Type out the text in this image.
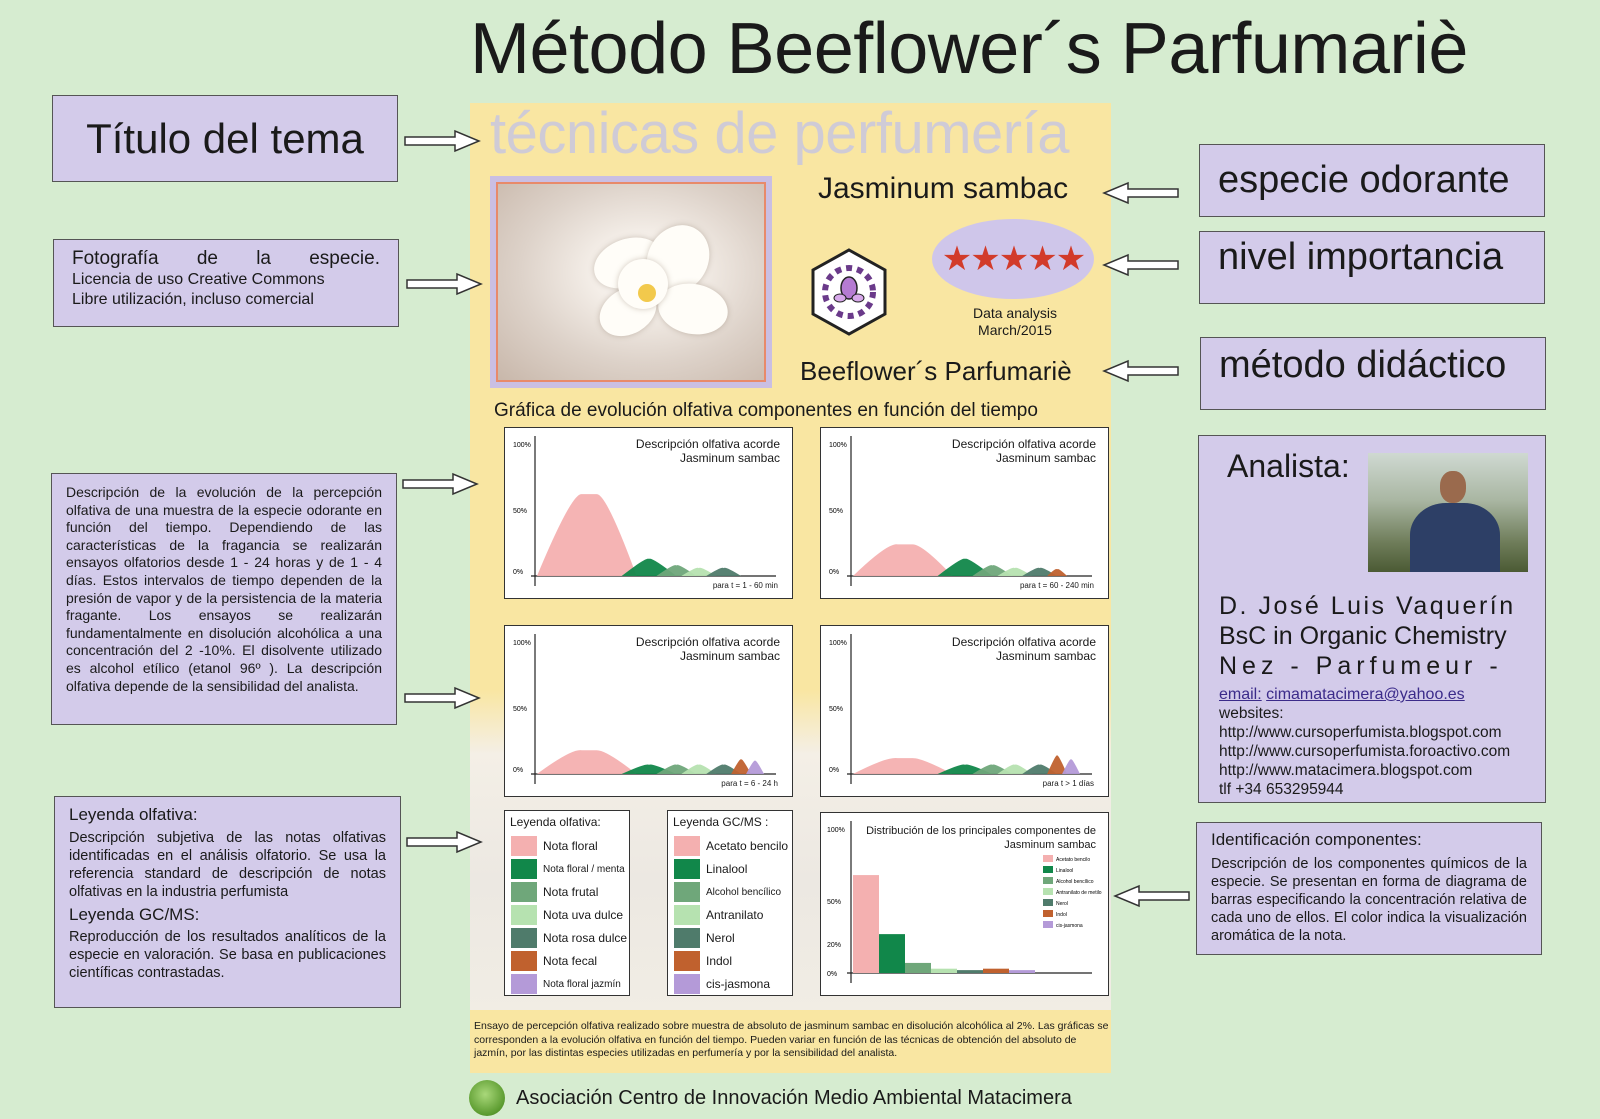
Método Beeflower´s Parfumariè
técnicas de perfumería
Jasminum sambac
★★★★★
Data analysis
March/2015
Beeflower´s Parfumariè
Gráfica de evolución olfativa componentes en función del tiempo
100%
50%
0%
Descripción olfativa acorde
Jasminum sambac
para t = 1 - 60 min
100%
50%
0%
Descripción olfativa acorde
Jasminum sambac
para t = 60 - 240 min
100%
50%
0%
Descripción olfativa acorde
Jasminum sambac
para t = 6 - 24 h
100%
50%
0%
Descripción olfativa acorde
Jasminum sambac
para t > 1 días
Leyenda olfativa:
Nota floral
Nota floral / menta
Nota frutal
Nota uva dulce
Nota rosa dulce
Nota fecal
Nota floral jazmín
Leyenda GC/MS :
Acetato bencilo
Linalool
Alcohol bencílico
Antranilato
Nerol
Indol
cis-jasmona
100%
50%
20%
0%
Acetato bencilo
Linalool
Alcohol bencílico
Antranilato de metilo
Nerol
Indol
cis-jasmona
Distribución de los principales componentes de
Jasminum sambac
Ensayo de percepción olfativa realizado sobre muestra de absoluto de jasminum sambac en disolución alcohólica al 2%. Las gráficas se corresponden a la evolución olfativa en función del tiempo. Pueden variar en función de las técnicas de obtención del absoluto de jazmín, por las distintas especies utilizadas en perfumería y por la sensibilidad del analista.
Asociación Centro de Innovación Medio Ambiental Matacimera
Título del tema
Fotografía de la especie.
Licencia de uso Creative Commons
Libre utilización, incluso comercial
Descripción de la evolución de la percepción olfativa de una muestra de la especie odorante en función del tiempo. Dependiendo de las características de la fragancia se realizarán ensayos olfatorios desde 1 - 24 horas y de 1 - 4 días. Estos intervalos de tiempo dependen de la presión de vapor y de la persistencia de la materia fragante. Los ensayos se realizarán fundamentalmente en disolución alcohólica a una concentración del 2 -10%. El disolvente utilizado es alcohol etílico (etanol 96º ). La descripción olfativa depende de la sensibilidad del analista.
Leyenda olfativa:
Descripción subjetiva de las notas olfativas identificadas en el análisis olfatorio. Se usa la referencia standard de descripción de notas olfativas en la industria perfumista
Leyenda GC/MS:
Reproducción de los resultados analíticos de la especie en valoración. Se basa en publicaciones científicas contrastadas.
especie odorante
nivel importancia
método didáctico
Analista:
D. José Luis Vaquerín
BsC in Organic Chemistry
Nez - Parfumeur -
email: cimamatacimera@yahoo.es
websites:
http://www.cursoperfumista.blogspot.com
http://www.cursoperfumista.foroactivo.com
http://www.matacimera.blogspot.com
tlf +34 653295944
Identificación componentes:
Descripción de los componentes químicos de la especie. Se presentan en forma de diagrama de barras especificando la concentración relativa de cada uno de ellos. El color indica la visualización aromática de la nota.
